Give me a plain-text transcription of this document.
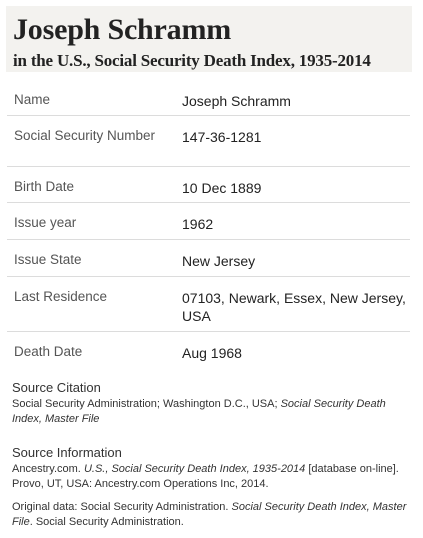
Joseph Schramm
in the U.S., Social Security Death Index, 1935-2014
Name	Joseph Schramm
Social Security Number	147-36-1281
Birth Date	10 Dec 1889
Issue year	1962
Issue State	New Jersey
Last Residence	07103, Newark, Essex, New Jersey, USA
Death Date	Aug 1968
Source Citation
Social Security Administration; Washington D.C., USA; Social Security Death Index, Master File
Source Information
Ancestry.com. U.S., Social Security Death Index, 1935-2014 [database on-line]. Provo, UT, USA: Ancestry.com Operations Inc, 2014.
Original data: Social Security Administration. Social Security Death Index, Master File. Social Security Administration.
